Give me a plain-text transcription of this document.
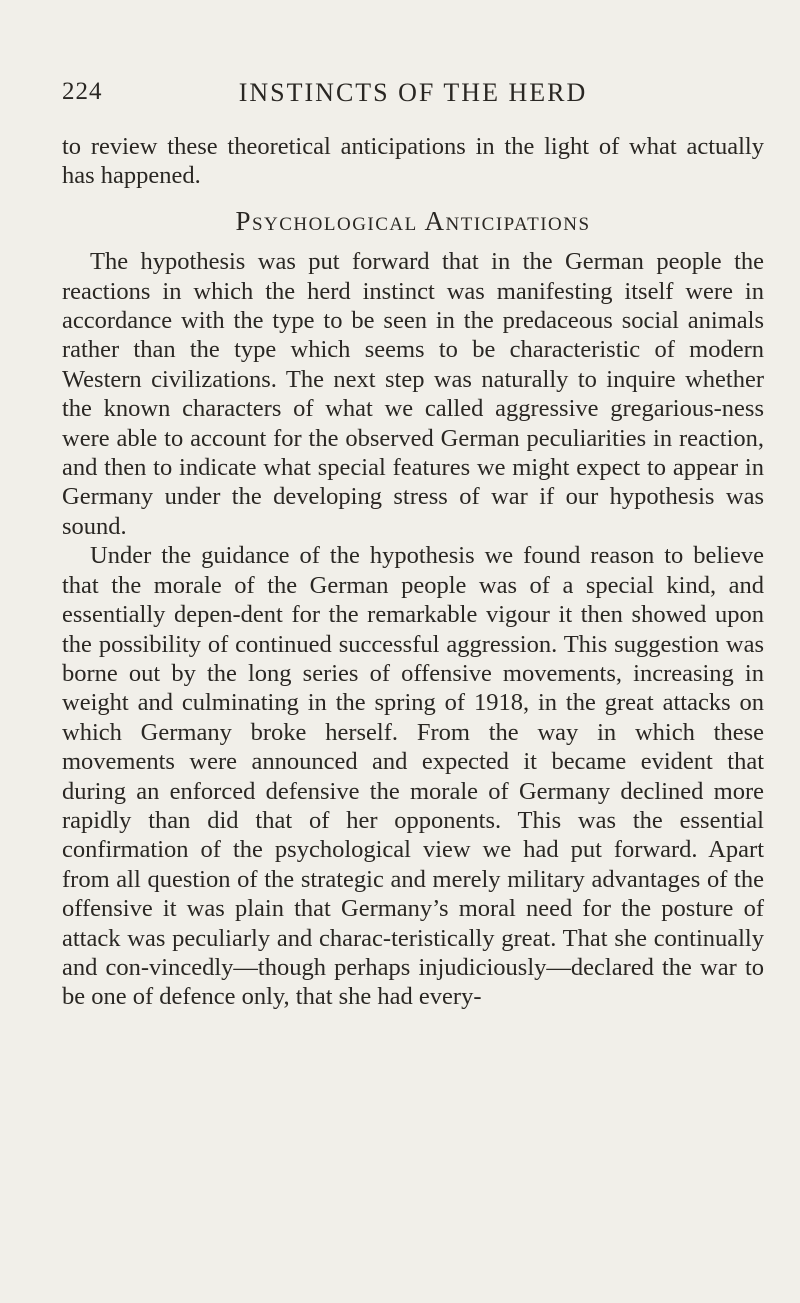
224	INSTINCTS OF THE HERD

to review these theoretical anticipations in the light of what actually has happened.

Psychological Anticipations

The hypothesis was put forward that in the German people the reactions in which the herd instinct was manifesting itself were in accordance with the type to be seen in the predaceous social animals rather than the type which seems to be characteristic of modern Western civilizations. The next step was naturally to inquire whether the known characters of what we called aggressive gregarious-ness were able to account for the observed German peculiarities in reaction, and then to indicate what special features we might expect to appear in Germany under the developing stress of war if our hypothesis was sound.

Under the guidance of the hypothesis we found reason to believe that the morale of the German people was of a special kind, and essentially depen-dent for the remarkable vigour it then showed upon the possibility of continued successful aggression. This suggestion was borne out by the long series of offensive movements, increasing in weight and culminating in the spring of 1918, in the great attacks on which Germany broke herself. From the way in which these movements were announced and expected it became evident that during an enforced defensive the morale of Germany declined more rapidly than did that of her opponents. This was the essential confirmation of the psychological view we had put forward. Apart from all question of the strategic and merely military advantages of the offensive it was plain that Germany’s moral need for the posture of attack was peculiarly and charac-teristically great. That she continually and con-vincedly—though perhaps injudiciously—declared the war to be one of defence only, that she had every-
